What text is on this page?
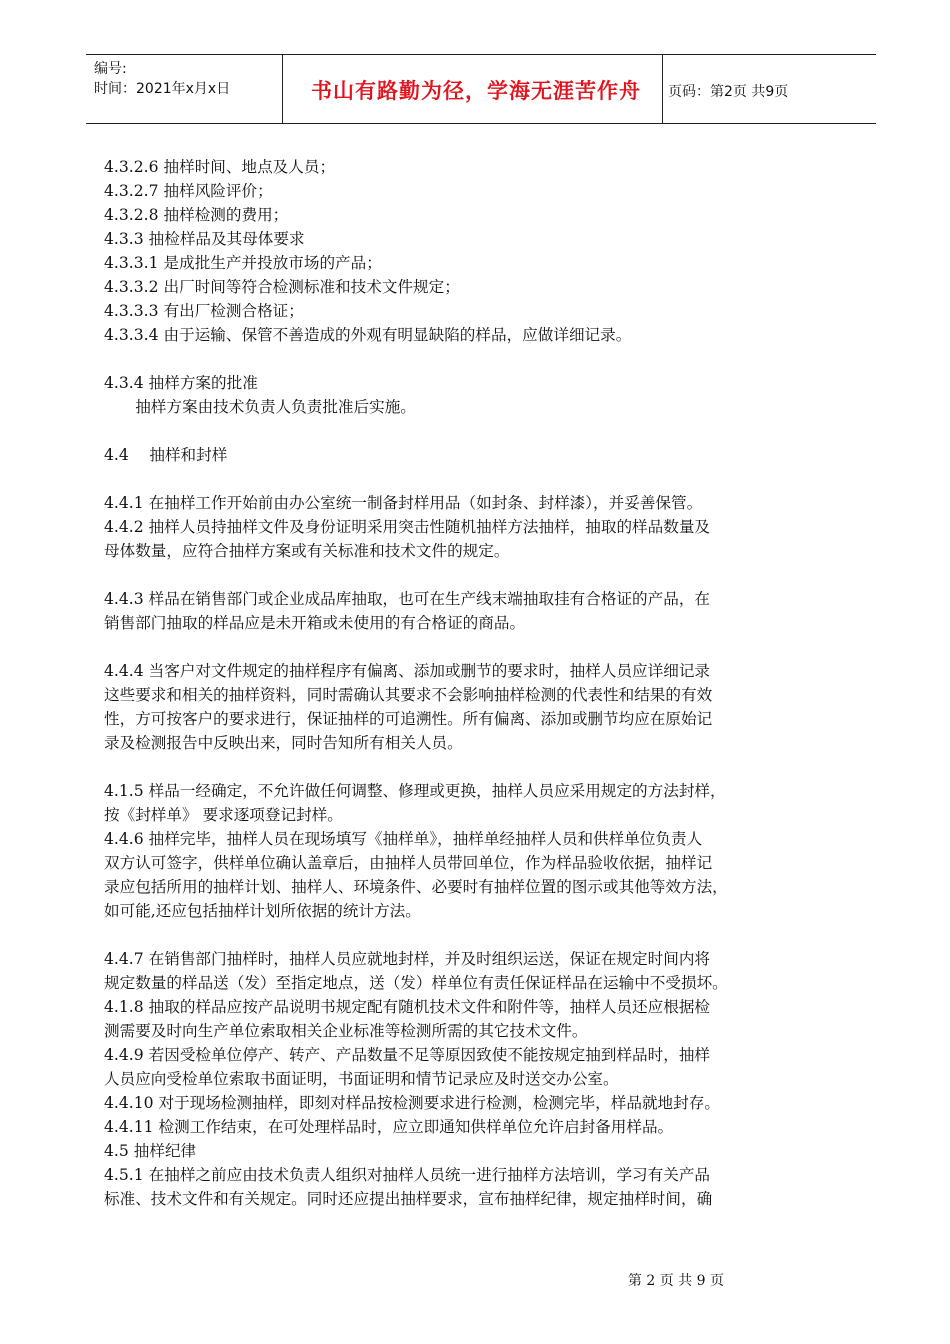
编号:
时间：2021年x月x日	书山有路勤为径，学海无涯苦作舟	页码：第2页 共9页
4.3.2.6 抽样时间、地点及人员；
4.3.2.7 抽样风险评价；
4.3.2.8 抽样检测的费用；
4.3.3 抽检样品及其母体要求
4.3.3.1 是成批生产并投放市场的产品；
4.3.3.2 出厂时间等符合检测标准和技术文件规定；
4.3.3.3 有出厂检测合格证；
4.3.3.4 由于运输、保管不善造成的外观有明显缺陷的样品，应做详细记录。
4.3.4 抽样方案的批准
　　抽样方案由技术负责人负责批准后实施。
4.4　 抽样和封样
4.4.1 在抽样工作开始前由办公室统一制备封样用品（如封条、封样漆），并妥善保管。
4.4.2 抽样人员持抽样文件及身份证明采用突击性随机抽样方法抽样，抽取的样品数量及
母体数量，应符合抽样方案或有关标准和技术文件的规定。
4.4.3 样品在销售部门或企业成品库抽取，也可在生产线末端抽取挂有合格证的产品，在
销售部门抽取的样品应是未开箱或未使用的有合格证的商品。
4.4.4 当客户对文件规定的抽样程序有偏离、添加或删节的要求时，抽样人员应详细记录
这些要求和相关的抽样资料，同时需确认其要求不会影响抽样检测的代表性和结果的有效
性，方可按客户的要求进行，保证抽样的可追溯性。所有偏离、添加或删节均应在原始记
录及检测报告中反映出来，同时告知所有相关人员。
4.1.5 样品一经确定，不允许做任何调整、修理或更换，抽样人员应采用规定的方法封样，
按《封样单》 要求逐项登记封样。
4.4.6 抽样完毕，抽样人员在现场填写《抽样单》，抽样单经抽样人员和供样单位负责人
双方认可签字，供样单位确认盖章后，由抽样人员带回单位，作为样品验收依据，抽样记
录应包括所用的抽样计划、抽样人、环境条件、必要时有抽样位置的图示或其他等效方法，
如可能,还应包括抽样计划所依据的统计方法。
4.4.7 在销售部门抽样时，抽样人员应就地封样，并及时组织运送，保证在规定时间内将
规定数量的样品送（发）至指定地点，送（发）样单位有责任保证样品在运输中不受损坏。
4.1.8 抽取的样品应按产品说明书规定配有随机技术文件和附件等，抽样人员还应根据检
测需要及时向生产单位索取相关企业标准等检测所需的其它技术文件。
4.4.9 若因受检单位停产、转产、产品数量不足等原因致使不能按规定抽到样品时，抽样
人员应向受检单位索取书面证明，书面证明和情节记录应及时送交办公室。
4.4.10 对于现场检测抽样，即刻对样品按检测要求进行检测，检测完毕，样品就地封存。
4.4.11 检测工作结束，在可处理样品时，应立即通知供样单位允许启封备用样品。
4.5 抽样纪律
4.5.1 在抽样之前应由技术负责人组织对抽样人员统一进行抽样方法培训，学习有关产品
标准、技术文件和有关规定。同时还应提出抽样要求，宣布抽样纪律，规定抽样时间，确
第 2 页 共 9 页
